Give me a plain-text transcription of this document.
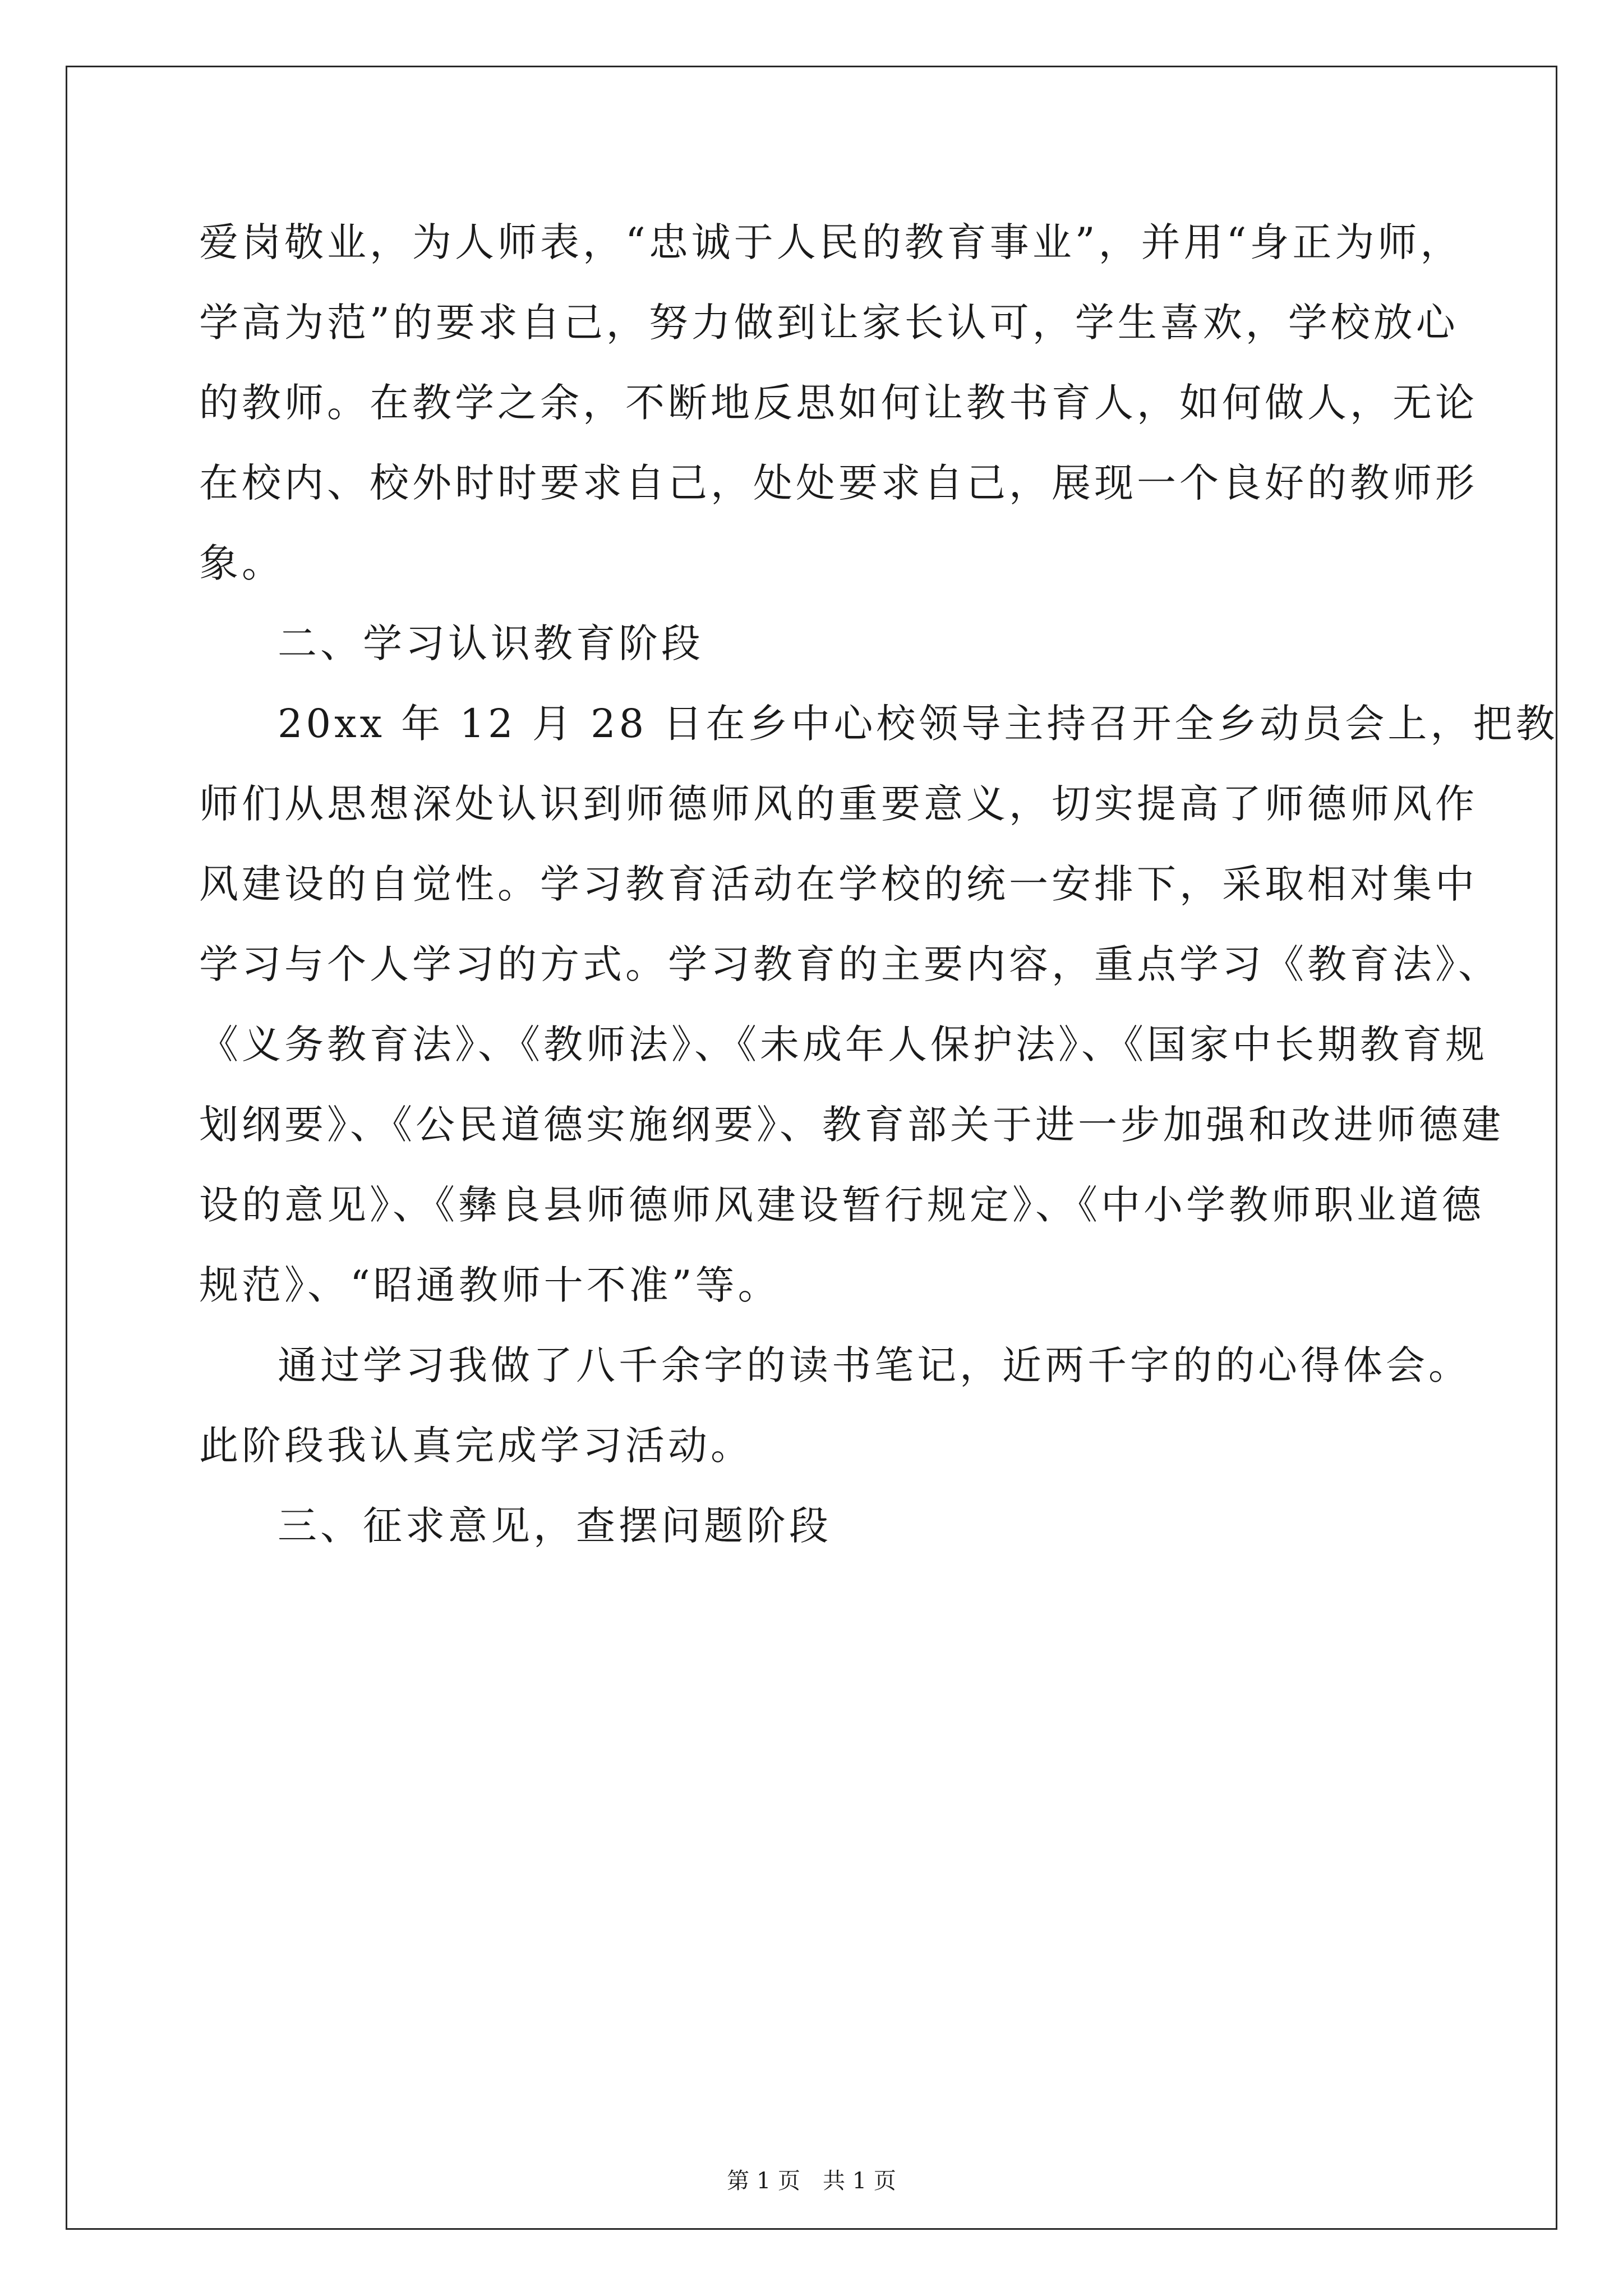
爱岗敬业，为人师表，“忠诚于人民的教育事业”，并用“身正为师，

学高为范”的要求自己，努力做到让家长认可，学生喜欢，学校放心

的教师。在教学之余，不断地反思如何让教书育人，如何做人，无论

在校内、校外时时要求自己，处处要求自己，展现一个良好的教师形

象。

二、学习认识教育阶段

20xx 年 12 月 28 日在乡中心校领导主持召开全乡动员会上，把教

师们从思想深处认识到师德师风的重要意义，切实提高了师德师风作

风建设的自觉性。学习教育活动在学校的统一安排下，采取相对集中

学习与个人学习的方式。学习教育的主要内容，重点学习《教育法》、

《义务教育法》、《教师法》、《未成年人保护法》、《国家中长期教育规

划纲要》、《公民道德实施纲要》、教育部关于进一步加强和改进师德建

设的意见》、《彝良县师德师风建设暂行规定》、《中小学教师职业道德

规范》、“昭通教师十不准”等。

通过学习我做了八千余字的读书笔记，近两千字的的心得体会。

此阶段我认真完成学习活动。

三、征求意见，查摆问题阶段

第 1 页　共 1 页
